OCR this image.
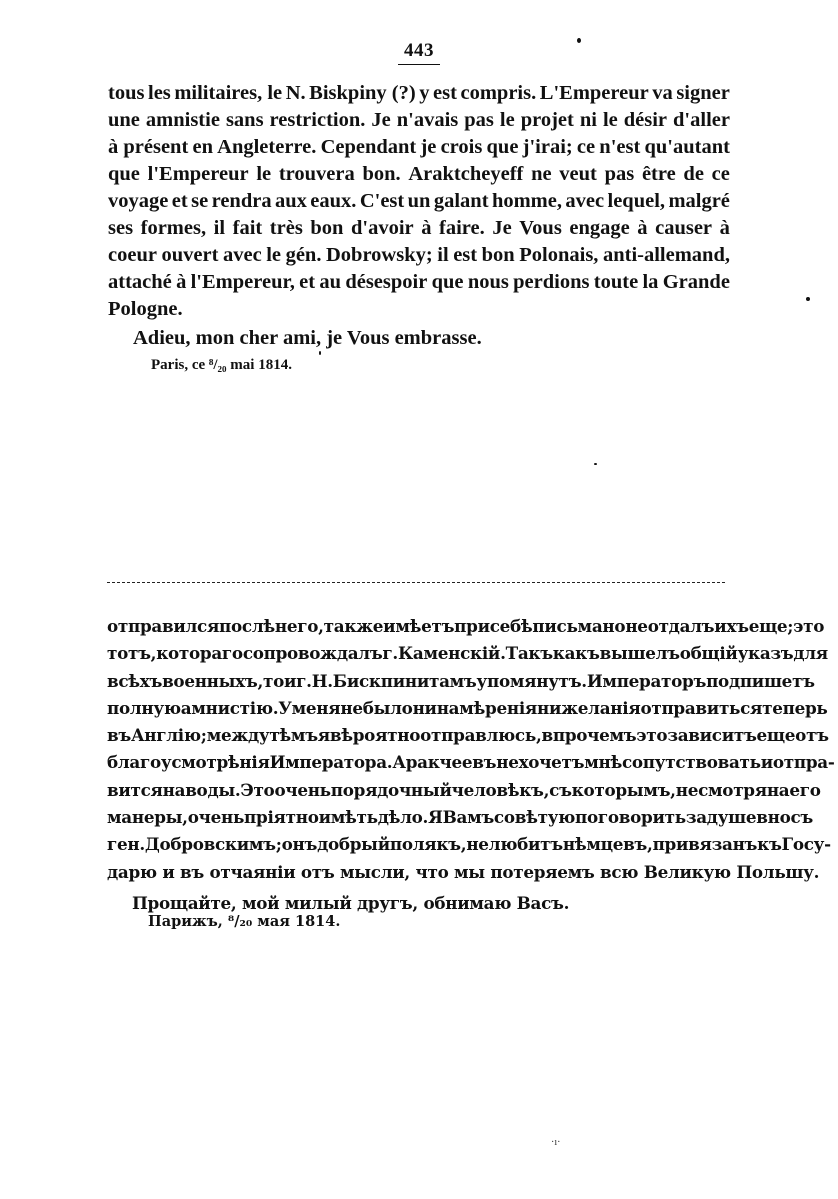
443
tous les militaires, le N. Biskpiny (?) y est compris. L'Empereur va signer
une amnistie sans restriction. Je n'avais pas le projet ni le désir d'aller
à présent en Angleterre. Cependant je crois que j'irai; ce n'est qu'autant
que l'Empereur le trouvera bon. Araktcheyeff ne veut pas être de ce
voyage et se rendra aux eaux. C'est un galant homme, avec lequel, malgré
ses formes, il fait très bon d'avoir à faire. Je Vous engage à causer à
coeur ouvert avec le gén. Dobrowsky; il est bon Polonais, anti-allemand,
attaché à l'Empereur, et au désespoir que nous perdions toute la Grande
Pologne.
Adieu, mon cher ami, je Vous embrasse.
Paris, ce ⁸/₂₀ mai 1814.
отправился послѣ него, также имѣетъ при себѣ письма но не отдалъ ихъ еще; это
тотъ, котораго сопровождалъ г. Каменскій. Такъ какъ вышелъ общій указъ для
всѣхъ военныхъ, то и г. Н. Бискпини тамъ упомянутъ. Императоръ подпишетъ
полную амнистію. У меня не было ни намѣренія ни желанія отправиться теперь
въ Англію; между тѣмъ я вѣроятно отправлюсь, впрочемъ это зависитъ еще отъ
благоусмотрѣнія Императора. Аракчеевъ не хочетъ мнѣ сопутствовать и отпра-
вится на воды. Это очень порядочный человѣкъ, съ которымъ, не смотря на его
манеры, очень пріятно имѣть дѣло. Я Вамъ совѣтую поговорить задушевно съ
ген. Добровскимъ; онъ добрый полякъ, не любитъ нѣмцевъ, привязанъ къ Госу-
дарю и въ отчаяніи отъ мысли, что мы потеряемъ всю Великую Польшу.
Прощайте, мой милый другъ, обнимаю Васъ.
Парижъ, ⁸/₂₀ мая 1814.
·ı·
